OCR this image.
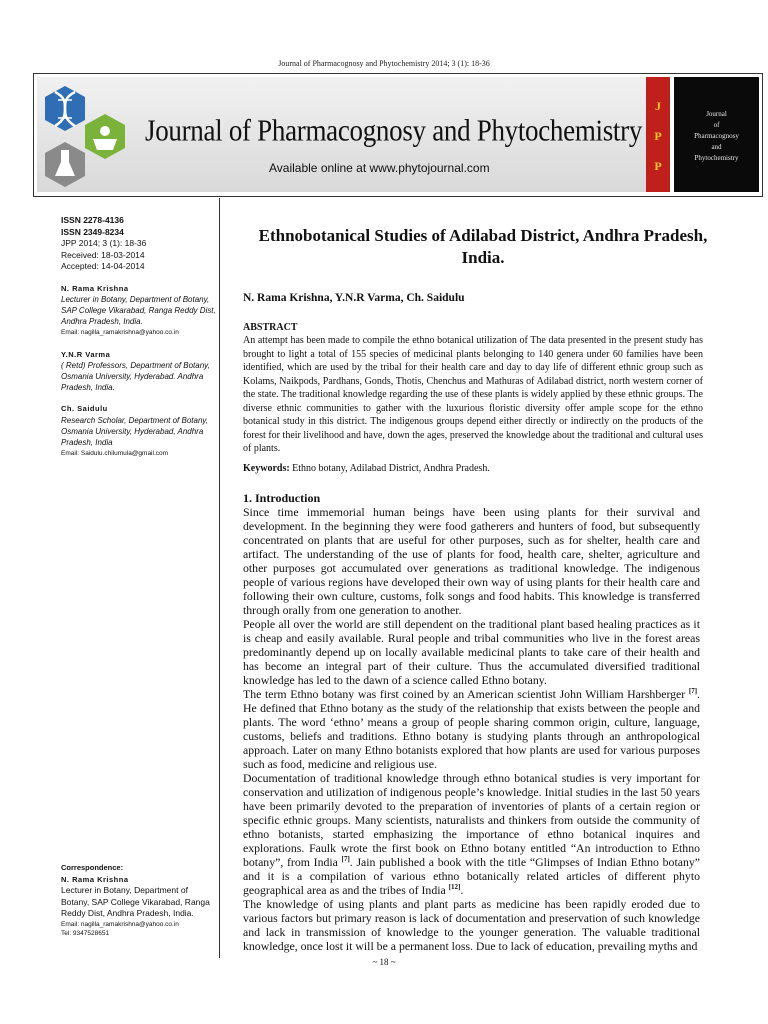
Journal of Pharmacognosy and Phytochemistry 2014; 3 (1): 18-36
Journal of Pharmacognosy and Phytochemistry
Available online at www.phytojournal.com
J
P
P
Journal
of
Pharmacognosy
and
Phytochemistry
ISSN 2278-4136
ISSN 2349-8234
JPP 2014; 3 (1): 18-36
Received: 18-03-2014
Accepted: 14-04-2014
N. Rama Krishna
Lecturer in Botany, Department of Botany, SAP College Vikarabad, Ranga Reddy Dist, Andhra Pradesh, India.
Email: nagilla_ramakrishna@yahoo.co.in
Y.N.R Varma
( Retd) Professors, Department of Botany, Osmania University, Hyderabad. Andhra Pradesh, India.
Ch. Saidulu
Research Scholar, Department of Botany, Osmania University, Hyderabad, Andhra Pradesh, India
Email: Saidulu.chilumula@gmail.com
Correspondence:
N. Rama Krishna
Lecturer in Botany, Department of Botany, SAP College Vikarabad, Ranga Reddy Dist, Andhra Pradesh, India.
Email: nagilla_ramakrishna@yahoo.co.in
Tel: 9347528651
Ethnobotanical Studies of Adilabad District, Andhra Pradesh, India.
N. Rama Krishna, Y.N.R Varma, Ch. Saidulu
ABSTRACT
An attempt has been made to compile the ethno botanical utilization of The data presented in the present study has brought to light a total of 155 species of medicinal plants belonging to 140 genera under 60 families have been identified, which are used by the tribal for their health care and day to day life of different ethnic group such as Kolams, Naikpods, Pardhans, Gonds, Thotis, Chenchus and Mathuras of Adilabad district, north western corner of the state. The traditional knowledge regarding the use of these plants is widely applied by these ethnic groups. The diverse ethnic communities to gather with the luxurious floristic diversity offer ample scope for the ethno botanical study in this district. The indigenous groups depend either directly or indirectly on the products of the forest for their livelihood and have, down the ages, preserved the knowledge about the traditional and cultural uses of plants.
Keywords: Ethno botany, Adilabad District, Andhra Pradesh.
1. Introduction

Since time immemorial human beings have been using plants for their survival and development. In the beginning they were food gatherers and hunters of food, but subsequently concentrated on plants that are useful for other purposes, such as for shelter, health care and artifact. The understanding of the use of plants for food, health care, shelter, agriculture and other purposes got accumulated over generations as traditional knowledge. The indigenous people of various regions have developed their own way of using plants for their health care and following their own culture, customs, folk songs and food habits. This knowledge is transferred through orally from one generation to another.

People all over the world are still dependent on the traditional plant based healing practices as it is cheap and easily available. Rural people and tribal communities who live in the forest areas predominantly depend up on locally available medicinal plants to take care of their health and has become an integral part of their culture. Thus the accumulated diversified traditional knowledge has led to the dawn of a science called Ethno botany.

The term Ethno botany was first coined by an American scientist John William Harshberger [7]. He defined that Ethno botany as the study of the relationship that exists between the people and plants. The word ‘ethno’ means a group of people sharing common origin, culture, language, customs, beliefs and traditions. Ethno botany is studying plants through an anthropological approach. Later on many Ethno botanists explored that how plants are used for various purposes such as food, medicine and religious use.

Documentation of traditional knowledge through ethno botanical studies is very important for conservation and utilization of indigenous people’s knowledge. Initial studies in the last 50 years have been primarily devoted to the preparation of inventories of plants of a certain region or specific ethnic groups. Many scientists, naturalists and thinkers from outside the community of ethno botanists, started emphasizing the importance of ethno botanical inquires and explorations. Faulk wrote the first book on Ethno botany entitled “An introduction to Ethno botany”, from India [7]. Jain published a book with the title “Glimpses of Indian Ethno botany” and it is a compilation of various ethno botanically related articles of different phyto geographical area as and the tribes of India [12].

The knowledge of using plants and plant parts as medicine has been rapidly eroded due to various factors but primary reason is lack of documentation and preservation of such knowledge and lack in transmission of knowledge to the younger generation. The valuable traditional knowledge, once lost it will be a permanent loss. Due to lack of education, prevailing myths and

~ 18 ~
